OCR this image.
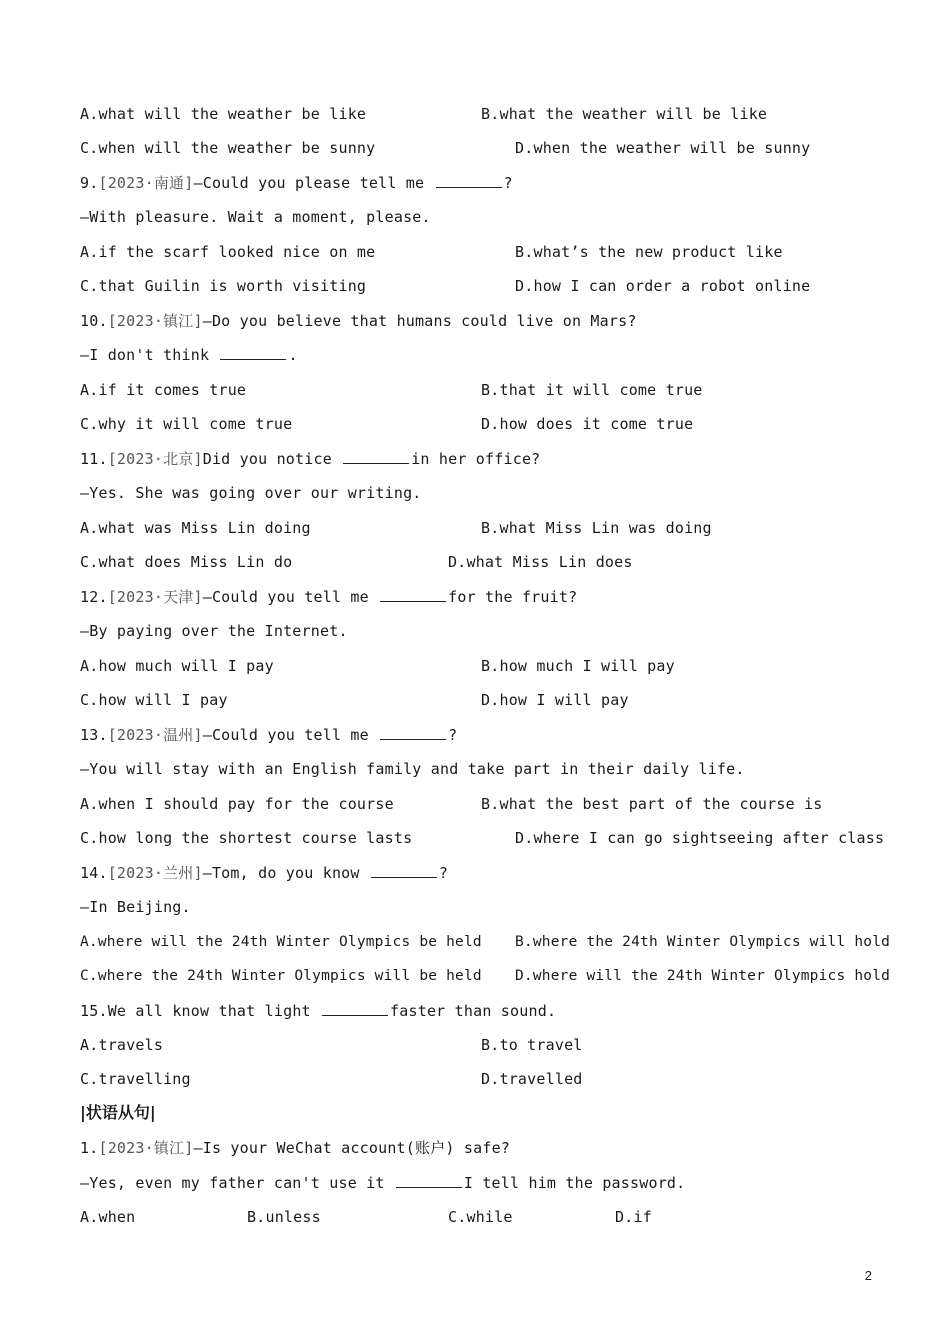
A.what will the weather be like	B.what the weather will be like
C.when will the weather be sunny	D.when the weather will be sunny
9.[2023·南通]—Could you please tell me	?
—With pleasure. Wait a moment, please.
A.if the scarf looked nice on me	B.what’s the new product like
C.that Guilin is worth visiting	D.how I can order a robot online
10.[2023·镇江]—Do you believe that humans could live on Mars?
—I don't think	.
A.if it comes true	B.that it will come true
C.why it will come true	D.how does it come true
11.[2023·北京]Did you notice	in her office?
—Yes. She was going over our writing.
A.what was Miss Lin doing	B.what Miss Lin was doing
C.what does Miss Lin do	D.what Miss Lin does
12.[2023·天津]—Could you tell me	for the fruit?
—By paying over the Internet.
A.how much will I pay	B.how much I will pay
C.how will I pay	D.how I will pay
13.[2023·温州]—Could you tell me	?
—You will stay with an English family and take part in their daily life.
A.when I should pay for the course	B.what the best part of the course is
C.how long the shortest course lasts	D.where I can go sightseeing after class
14.[2023·兰州]—Tom, do you know	?
—In Beijing.
A.where will the 24th Winter Olympics be held B.where the 24th Winter Olympics will hold
C.where the 24th Winter Olympics will be held D.where will the 24th Winter Olympics hold
15.We all know that light	faster than sound.
A.travels	B.to travel
C.travelling	D.travelled
|状语从句|
1.[2023·镇江]—Is your WeChat account(账户) safe?
—Yes, even my father can't use it	I tell him the password.
A.when	B.unless	C.while	D.if
2
